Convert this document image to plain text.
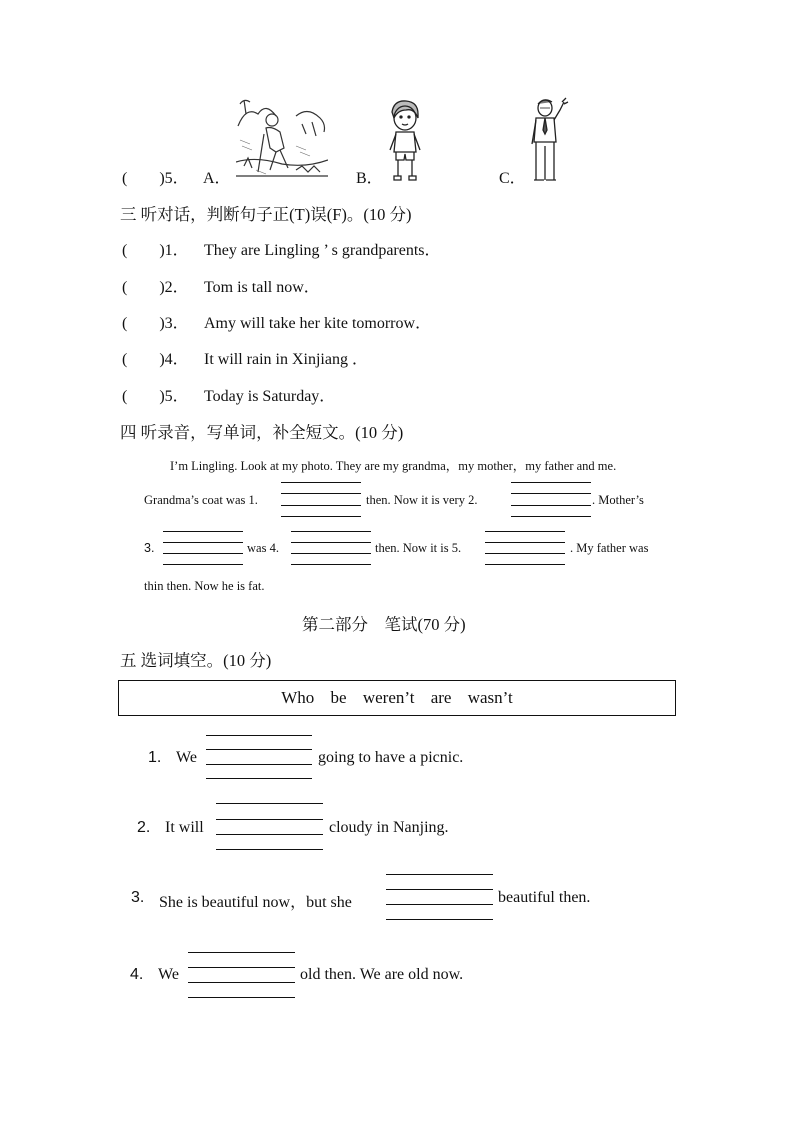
(　　)5． A．	B．	C．
三 听对话，判断句子正(T)误(F)。(10 分)
(　　)1． They are Lingling ’ s grandparents．
(　　)2． Tom is tall now．
(　　)3． Amy will take her kite tomorrow．
(　　)4． It will rain in Xinjiang ．
(　　)5． Today is Saturday．
四 听录音，写单词，补全短文。(10 分)
I’m Lingling. Look at my photo. They are my grandma，my mother，my father and me.
Grandma’s coat was 1.	then. Now it is very 2.	. Mother’s
3.	was 4.	then. Now it is 5.	. My father was
thin then. Now he is fat.
第二部分　笔试(70 分)
五 选词填空。(10 分)
Who be weren’t are wasn’t
1. We	going to have a picnic.
2. It will	cloudy in Nanjing.
3. She is beautiful now，but she	beautiful then.
4. We	old then. We are old now.
